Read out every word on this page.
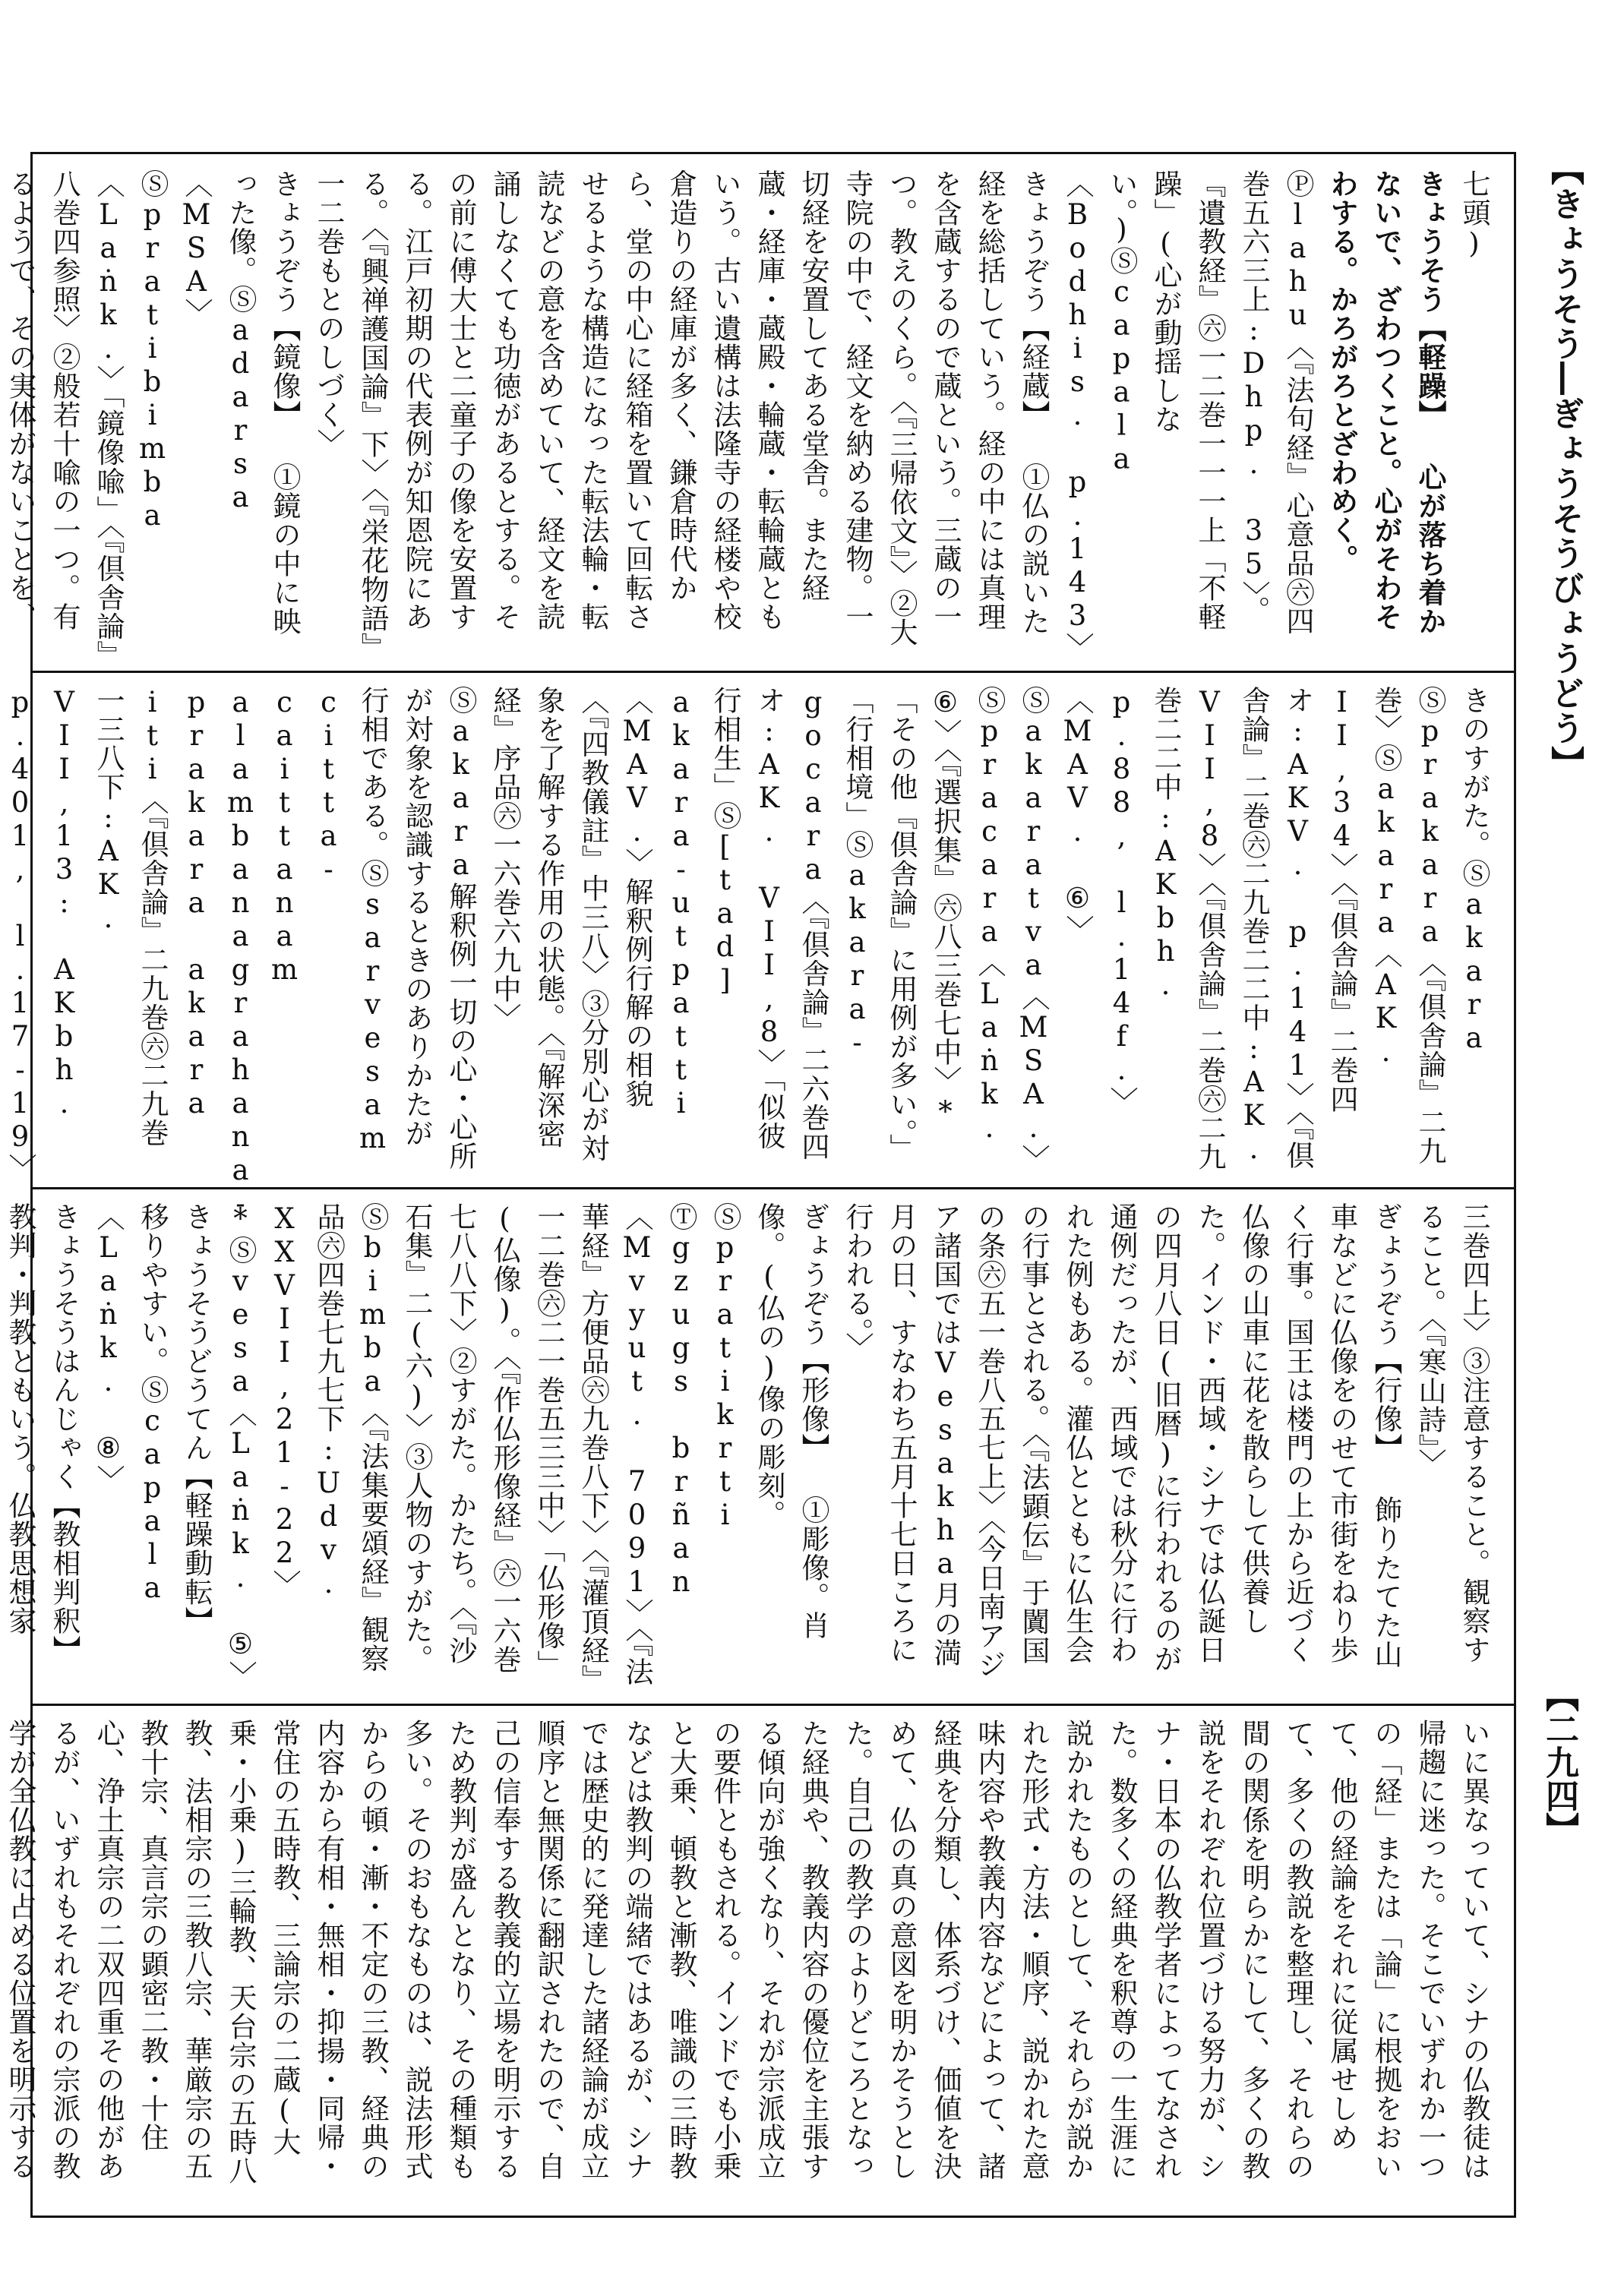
【きょうそう―ぎょうそうびょうどう】
【二九四】

七頭)

きょうそう【軽躁】 心が落ち着かないで、ざわつくこと。心がそわそわする。かろがろとざわめく。

Ⓟlahu〈『法句経』心意品㊅四巻五六三上:Dhp. 35〉。『遺教経』㊅一二巻一一一上「不軽躁」(心が動揺しない。)Ⓢcapala〈Bodhis. p.143〉

きょうぞう【経蔵】 ①仏の説いた経を総括していう。経の中には真理を含蔵するので蔵という。三蔵の一つ。教えのくら。〈『三帰依文』〉②大寺院の中で、経文を納める建物。一切経を安置してある堂舎。また経蔵・経庫・蔵殿・輪蔵・転輪蔵ともいう。古い遺構は法隆寺の経楼や校倉造りの経庫が多く、鎌倉時代から、堂の中心に経箱を置いて回転させるような構造になった転法輪・転読などの意を含めていて、経文を読誦しなくても功徳があるとする。その前に傅大士と二童子の像を安置する。江戸初期の代表例が知恩院にある。〈『興禅護国論』下〉〈『栄花物語』一二巻もとのしづく〉

きょうぞう【鏡像】 ①鏡の中に映った像。Ⓢadarsa〈MSA〉Ⓢpratibimba〈Laṅk.〉「鏡像喩」〈『倶舎論』八巻四参照〉②般若十喩の一つ。有るようで、その実体がないことを、

きのすがた。Ⓢakara Ⓢprakara〈『倶舎論』二九巻〉Ⓢakara〈AK. II,34〉〈『倶舎論』二巻四オ:AKV. p.141〉〈『倶舎論』二巻㊅二九巻二二中:AK. VII,8〉〈『倶舎論』二巻㊅二九巻二二中:AKbh. p.88, l.14f.〉〈MAV. ⑥〉Ⓢakaratva〈MSA.〉Ⓢpracara〈Laṅk. ⑥〉〈『選択集』㊅八三巻七中〉*「その他『倶舎論』に用例が多い。」

「行相境」Ⓢakara-gocara〈『倶舎論』二六巻四オ:AK. VII,8〉「似彼行相生」Ⓢ[tad] akara-utpatti〈MAV.〉解釈例行解の相貌〈『四教儀註』中三八〉③分別心が対象を了解する作用の状態。〈『解深密経』序品㊅一六巻六九中〉

Ⓢakara解釈例一切の心・心所が対象を認識するときのありかたが行相である。Ⓢsarvesam citta-caittanam alambanagrahana-prakara akara iti〈『倶舎論』二九巻㊅二九巻一三八下:AK. VII,13: AKbh. p.401, l.17-19〉

三巻四上〉③注意すること。観察すること。〈『寒山詩』〉

ぎょうぞう【行像】 飾りたてた山車などに仏像をのせて市街をねり歩く行事。国王は楼門の上から近づく仏像の山車に花を散らして供養した。インド・西域・シナでは仏誕日の四月八日(旧暦)に行われるのが通例だったが、西域では秋分に行われた例もある。灌仏とともに仏生会の行事とされる。〈『法顕伝』于闐国の条㊅五一巻八五七上〉〈今日南アジア諸国ではVesakha月の満月の日、すなわち五月十七日ころに行われる。〉

ぎょうぞう【形像】 ①彫像。肖像。(仏の)像の彫刻。Ⓢpratikrti Ⓣgzugs brñan〈Mvyut. 7091〉〈『法華経』方便品㊅九巻八下〉〈『灌頂経』一二巻㊅二一巻五三三中〉「仏形像」(仏像)。〈『作仏形像経』㊅一六巻七八八下〉②すがた。かたち。〈『沙石集』二(六)〉③人物のすがた。Ⓢbimba〈『法集要頌経』観察品㊅四巻七九七下:Udv. XXVII,21-22〉*Ⓢvesa〈Laṅk. ⑤〉

きょうそうどうてん【軽躁動転】 移りやすい。Ⓢcapala〈Laṅk. ⑧〉

きょうそうはんじゃく【教相判釈】 教判・判教ともいう。仏教思想家

いに異なっていて、シナの仏教徒は帰趨に迷った。そこでいずれか一つの「経」または「論」に根拠をおいて、他の経論をそれに従属せしめて、多くの教説を整理し、それらの間の関係を明らかにして、多くの教説をそれぞれ位置づける努力が、シナ・日本の仏教学者によってなされた。数多くの経典を釈尊の一生涯に説かれたものとして、それらが説かれた形式・方法・順序、説かれた意味内容や教義内容などによって、諸経典を分類し、体系づけ、価値を決めて、仏の真の意図を明かそうとした。自己の教学のよりどころとなった経典や、教義内容の優位を主張する傾向が強くなり、それが宗派成立の要件ともされる。インドでも小乗と大乗、頓教と漸教、唯識の三時教などは教判の端緒ではあるが、シナでは歴史的に発達した諸経論が成立順序と無関係に翻訳されたので、自己の信奉する教義的立場を明示するため教判が盛んとなり、その種類も多い。そのおもなものは、説法形式からの頓・漸・不定の三教、経典の内容から有相・無相・抑揚・同帰・常住の五時教、三論宗の二蔵(大乗・小乗)三輪教、天台宗の五時八教、法相宗の三教八宗、華厳宗の五教十宗、真言宗の顕密二教・十住心、浄土真宗の二双四重その他があるが、いずれもそれぞれの宗派の教学が全仏教に占める位置を明示する
